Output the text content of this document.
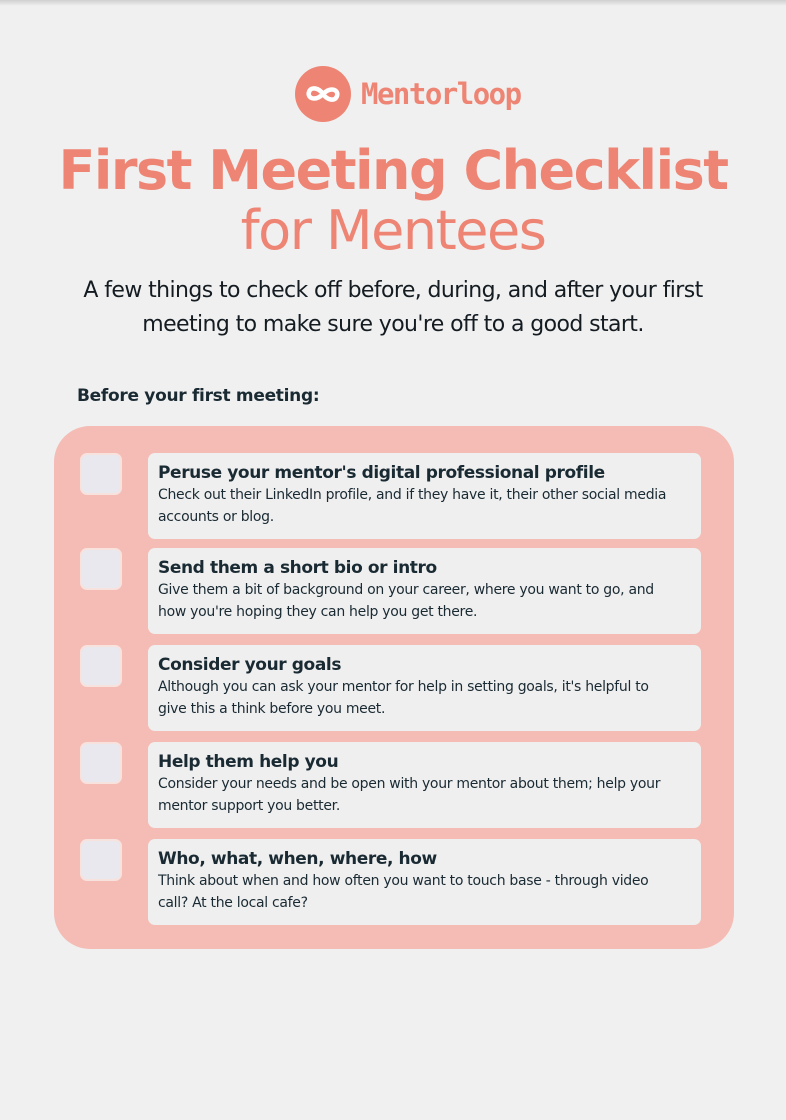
Mentorloop
First Meeting Checklist
for Mentees

A few things to check off before, during, and after your first meeting to make sure you're off to a good start.

Before your first meeting:
Peruse your mentor's digital professional profile
Check out their LinkedIn profile, and if they have it, their other social media accounts or blog.
Send them a short bio or intro
Give them a bit of background on your career, where you want to go, and how you're hoping they can help you get there.
Consider your goals
Although you can ask your mentor for help in setting goals, it's helpful to give this a think before you meet.
Help them help you
Consider your needs and be open with your mentor about them; help your mentor support you better.
Who, what, when, where, how
Think about when and how often you want to touch base - through video call? At the local cafe?
